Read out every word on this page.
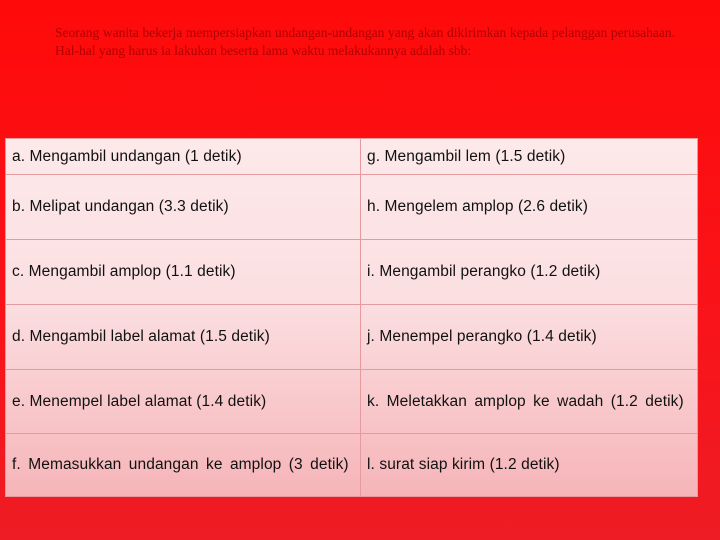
Seorang wanita bekerja mempersiapkan undangan-undangan yang akan dikirimkan kepada pelanggan perusahaan. Hal-hal yang harus ia lakukan beserta lama waktu melakukannya adalah sbb:
a. Mengambil undangan (1 detik)	g. Mengambil lem (1.5 detik)
b. Melipat undangan (3.3 detik)	h. Mengelem amplop (2.6 detik)
c. Mengambil amplop (1.1 detik)	i. Mengambil perangko (1.2 detik)
d. Mengambil label alamat (1.5 detik)	j. Menempel perangko (1.4 detik)
e. Menempel label alamat (1.4 detik)	k. Meletakkan amplop ke wadah (1.2 detik)

f. Memasukkan undangan ke amplop (3 detik)	l. surat siap kirim (1.2 detik)
